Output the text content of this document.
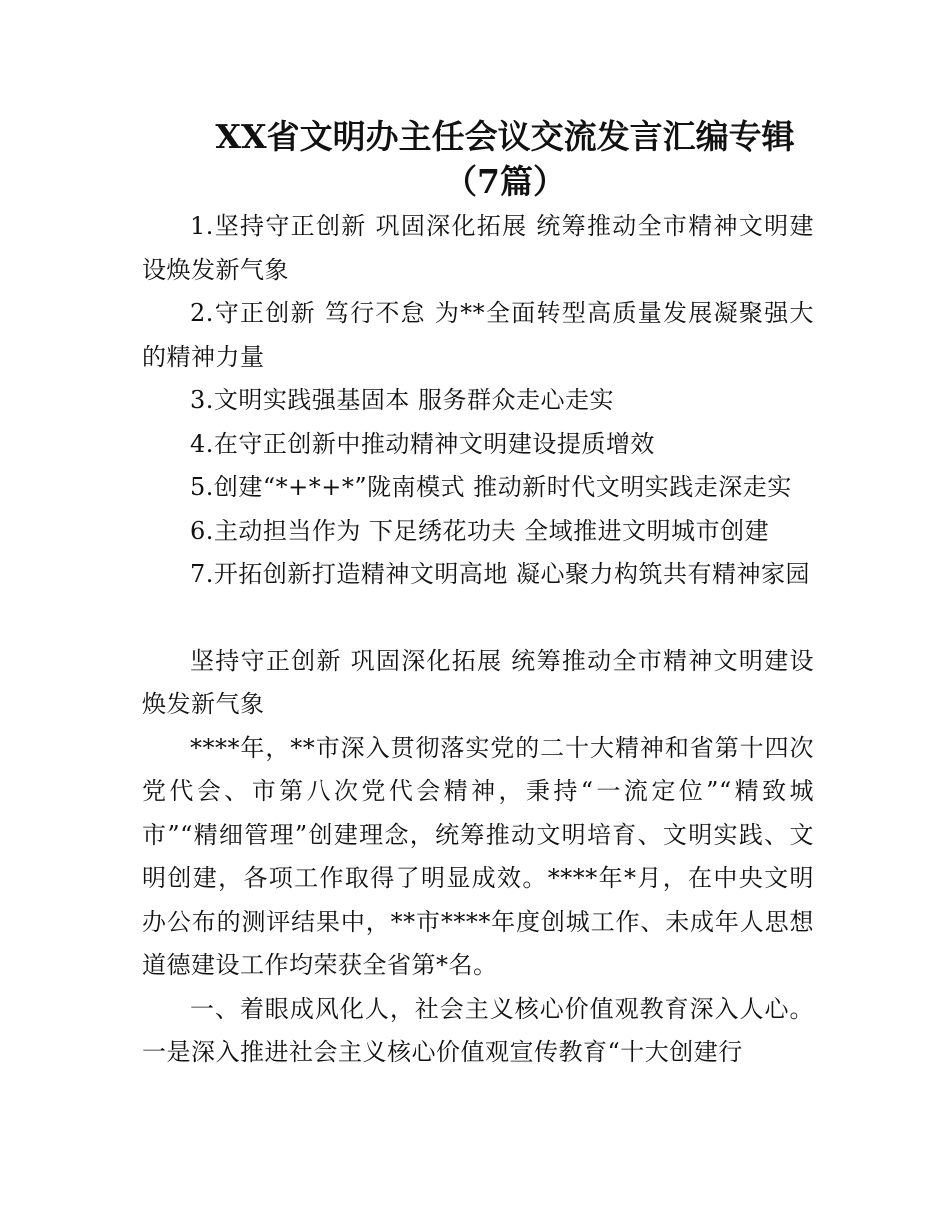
XX省文明办主任会议交流发言汇编专辑
（7篇）

1.坚持守正创新 巩固深化拓展 统筹推动全市精神文明建设焕发新气象

2.守正创新 笃行不怠 为**全面转型高质量发展凝聚强大的精神力量

3.文明实践强基固本 服务群众走心走实

4.在守正创新中推动精神文明建设提质增效

5.创建“*+*+*”陇南模式 推动新时代文明实践走深走实

6.主动担当作为 下足绣花功夫 全域推进文明城市创建

7.开拓创新打造精神文明高地 凝心聚力构筑共有精神家园

坚持守正创新 巩固深化拓展 统筹推动全市精神文明建设焕发新气象

****年，**市深入贯彻落实党的二十大精神和省第十四次党代会、市第八次党代会精神，秉持“一流定位”“精致城市”“精细管理”创建理念，统筹推动文明培育、文明实践、文明创建，各项工作取得了明显成效。****年*月，在中央文明办公布的测评结果中，**市****年度创城工作、未成年人思想道德建设工作均荣获全省第*名。

一、着眼成风化人，社会主义核心价值观教育深入人心。一是深入推进社会主义核心价值观宣传教育“十大创建行
